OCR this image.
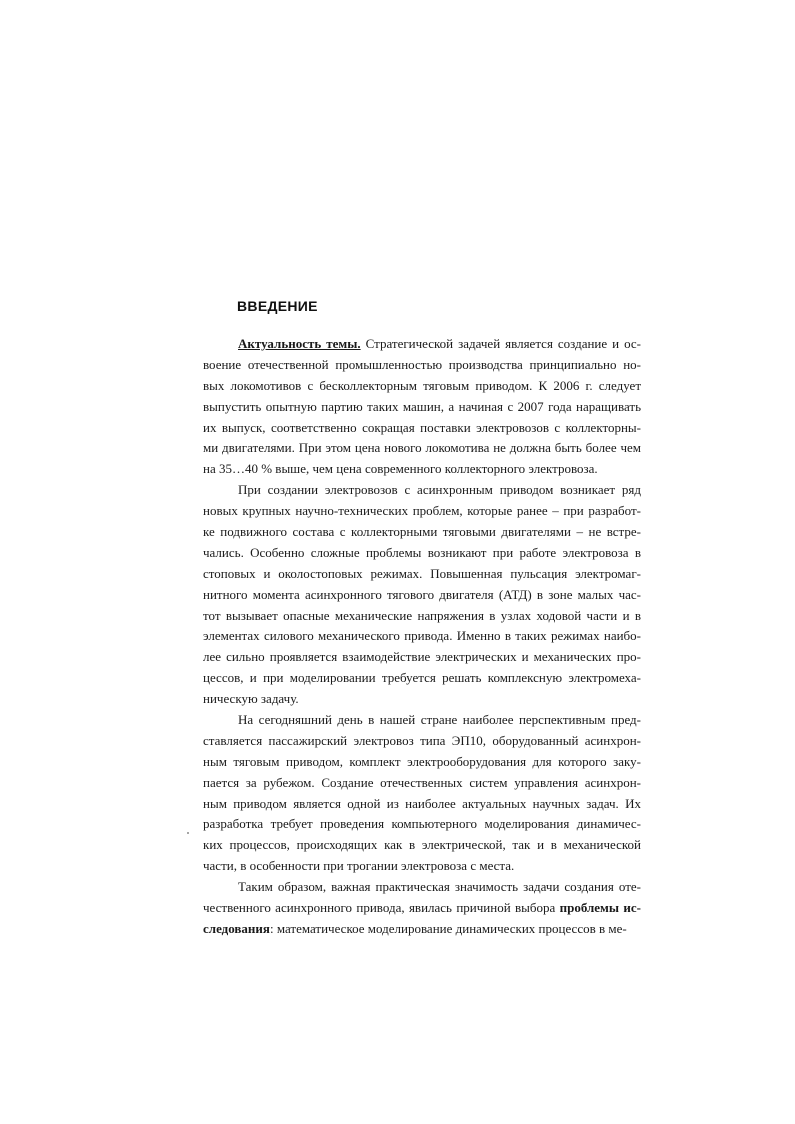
ВВЕДЕНИЕ
Актуальность темы. Стратегической задачей является создание и ос-
воение отечественной промышленностью производства принципиально но-
вых локомотивов с бесколлекторным тяговым приводом. К 2006 г. следует
выпустить опытную партию таких машин, а начиная с 2007 года наращивать
их выпуск, соответственно сокращая поставки электровозов с коллекторны-
ми двигателями. При этом цена нового локомотива не должна быть более чем
на 35…40 % выше, чем цена современного коллекторного электровоза.
При создании электровозов с асинхронным приводом возникает ряд
новых крупных научно-технических проблем, которые ранее – при разработ-
ке подвижного состава с коллекторными тяговыми двигателями – не встре-
чались. Особенно сложные проблемы возникают при работе электровоза в
стоповых и околостоповых режимах. Повышенная пульсация электромаг-
нитного момента асинхронного тягового двигателя (АТД) в зоне малых час-
тот вызывает опасные механические напряжения в узлах ходовой части и в
элементах силового механического привода. Именно в таких режимах наибо-
лее сильно проявляется взаимодействие электрических и механических про-
цессов, и при моделировании требуется решать комплексную электромеха-
ническую задачу.
На сегодняшний день в нашей стране наиболее перспективным пред-
ставляется пассажирский электровоз типа ЭП10, оборудованный асинхрон-
ным тяговым приводом, комплект электрооборудования для которого заку-
пается за рубежом. Создание отечественных систем управления асинхрон-
ным приводом является одной из наиболее актуальных научных задач. Их
разработка требует проведения компьютерного моделирования динамичес-
ких процессов, происходящих как в электрической, так и в механической
части, в особенности при трогании электровоза с места.
Таким образом, важная практическая значимость задачи создания оте-
чественного асинхронного привода, явилась причиной выбора проблемы ис-
следования: математическое моделирование динамических процессов в ме-
